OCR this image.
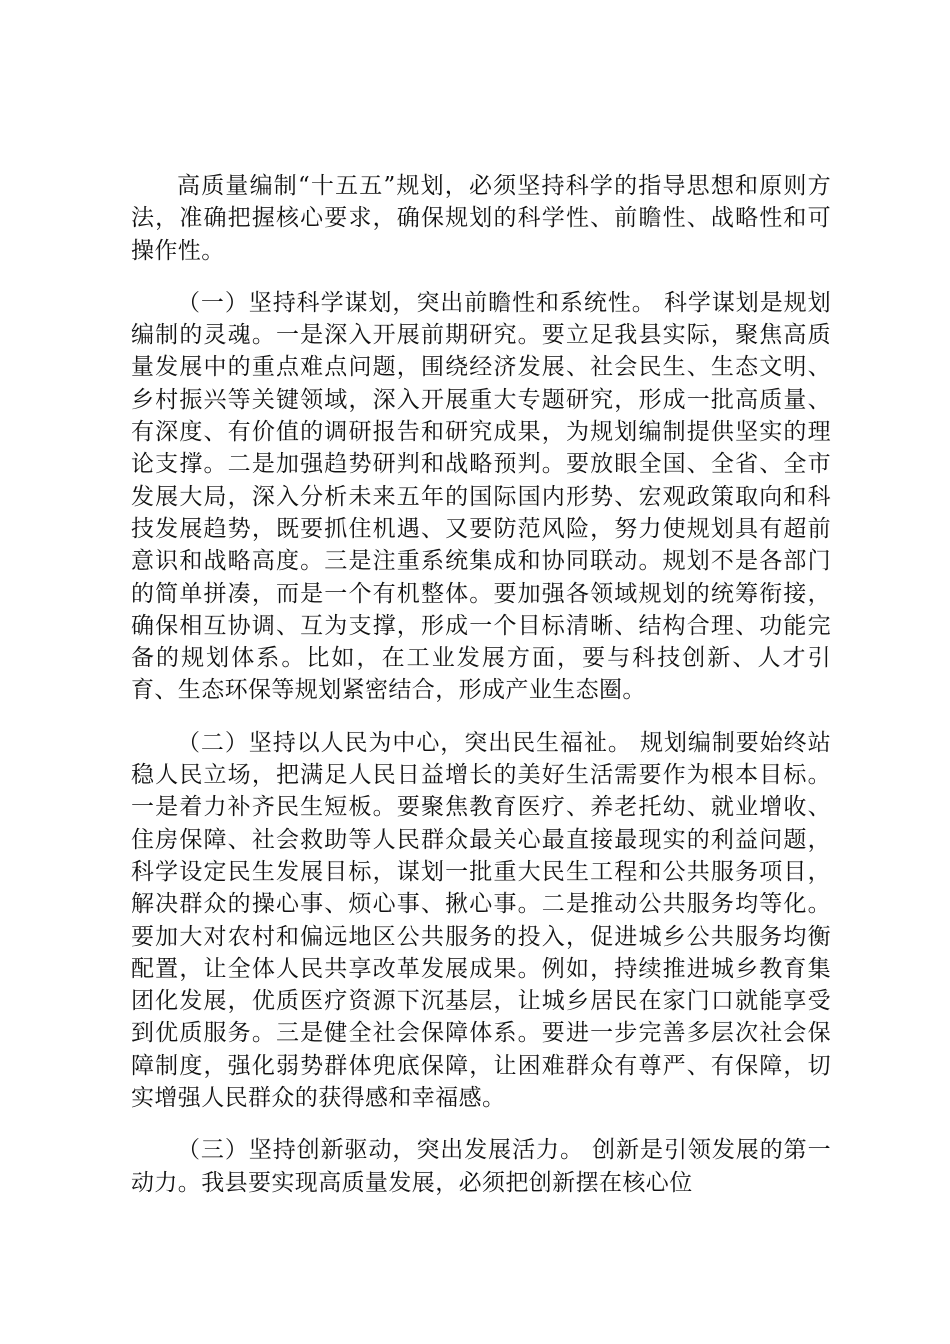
高质量编制“十五五”规划，必须坚持科学的指导思想和原则方法，准确把握核心要求，确保规划的科学性、前瞻性、战略性和可操作性。

（一）坚持科学谋划，突出前瞻性和系统性。 科学谋划是规划编制的灵魂。一是深入开展前期研究。要立足我县实际，聚焦高质量发展中的重点难点问题，围绕经济发展、社会民生、生态文明、乡村振兴等关键领域，深入开展重大专题研究，形成一批高质量、有深度、有价值的调研报告和研究成果，为规划编制提供坚实的理论支撑。二是加强趋势研判和战略预判。要放眼全国、全省、全市发展大局，深入分析未来五年的国际国内形势、宏观政策取向和科技发展趋势，既要抓住机遇、又要防范风险，努力使规划具有超前意识和战略高度。三是注重系统集成和协同联动。规划不是各部门的简单拼凑，而是一个有机整体。要加强各领域规划的统筹衔接，确保相互协调、互为支撑，形成一个目标清晰、结构合理、功能完备的规划体系。比如，在工业发展方面，要与科技创新、人才引育、生态环保等规划紧密结合，形成产业生态圈。

（二）坚持以人民为中心，突出民生福祉。 规划编制要始终站稳人民立场，把满足人民日益增长的美好生活需要作为根本目标。一是着力补齐民生短板。要聚焦教育医疗、养老托幼、就业增收、住房保障、社会救助等人民群众最关心最直接最现实的利益问题，科学设定民生发展目标，谋划一批重大民生工程和公共服务项目，解决群众的操心事、烦心事、揪心事。二是推动公共服务均等化。要加大对农村和偏远地区公共服务的投入，促进城乡公共服务均衡配置，让全体人民共享改革发展成果。例如，持续推进城乡教育集团化发展，优质医疗资源下沉基层，让城乡居民在家门口就能享受到优质服务。三是健全社会保障体系。要进一步完善多层次社会保障制度，强化弱势群体兜底保障，让困难群众有尊严、有保障，切实增强人民群众的获得感和幸福感。

（三）坚持创新驱动，突出发展活力。 创新是引领发展的第一动力。我县要实现高质量发展，必须把创新摆在核心位
